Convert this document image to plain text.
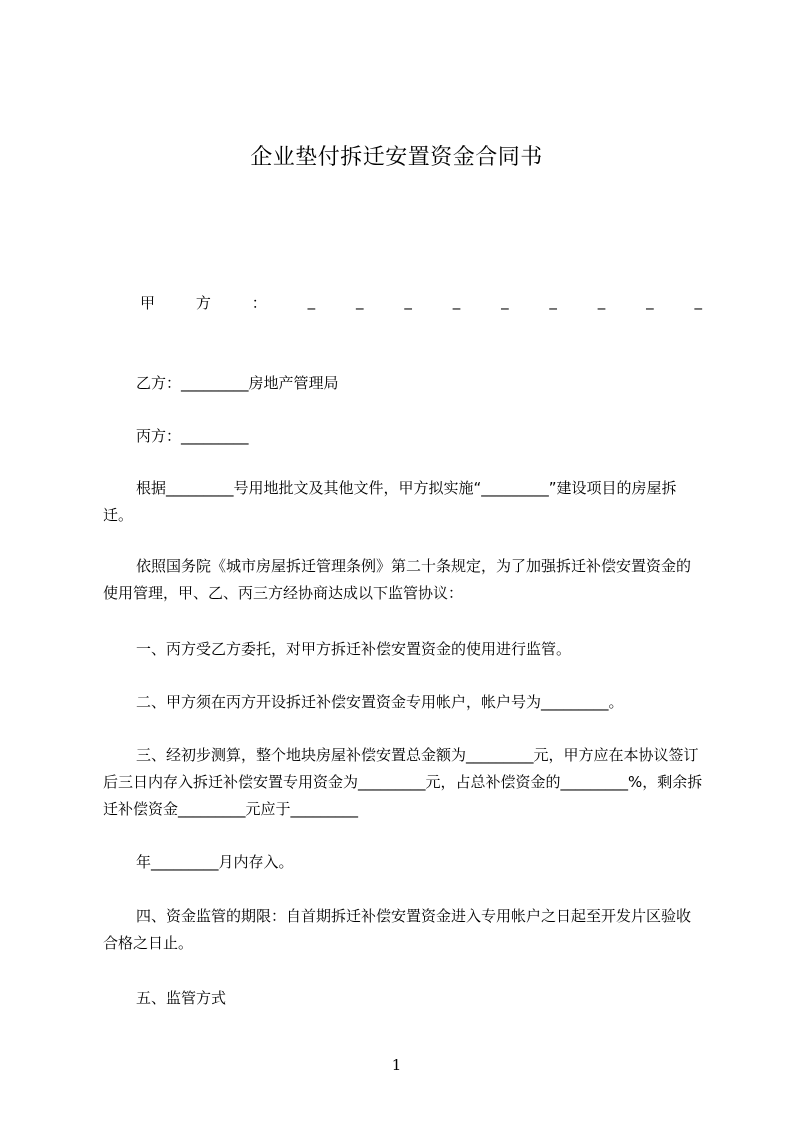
企业垫付拆迁安置资金合同书
甲	方	：	_	_	_	_	_	_	_	_	_
乙方：_________房地产管理局
丙方：_________
根据_________号用地批文及其他文件，甲方拟实施“_________”建设项目的房屋拆迁。
依照国务院《城市房屋拆迁管理条例》第二十条规定，为了加强拆迁补偿安置资金的使用管理，甲、乙、丙三方经协商达成以下监管协议：
一、丙方受乙方委托，对甲方拆迁补偿安置资金的使用进行监管。
二、甲方须在丙方开设拆迁补偿安置资金专用帐户，帐户号为_________。
三、经初步测算，整个地块房屋补偿安置总金额为_________元，甲方应在本协议签订后三日内存入拆迁补偿安置专用资金为_________元，占总补偿资金的_________%，剩余拆迁补偿资金_________元应于_________
年_________月内存入。
四、资金监管的期限：自首期拆迁补偿安置资金进入专用帐户之日起至开发片区验收合格之日止。
五、监管方式
1
